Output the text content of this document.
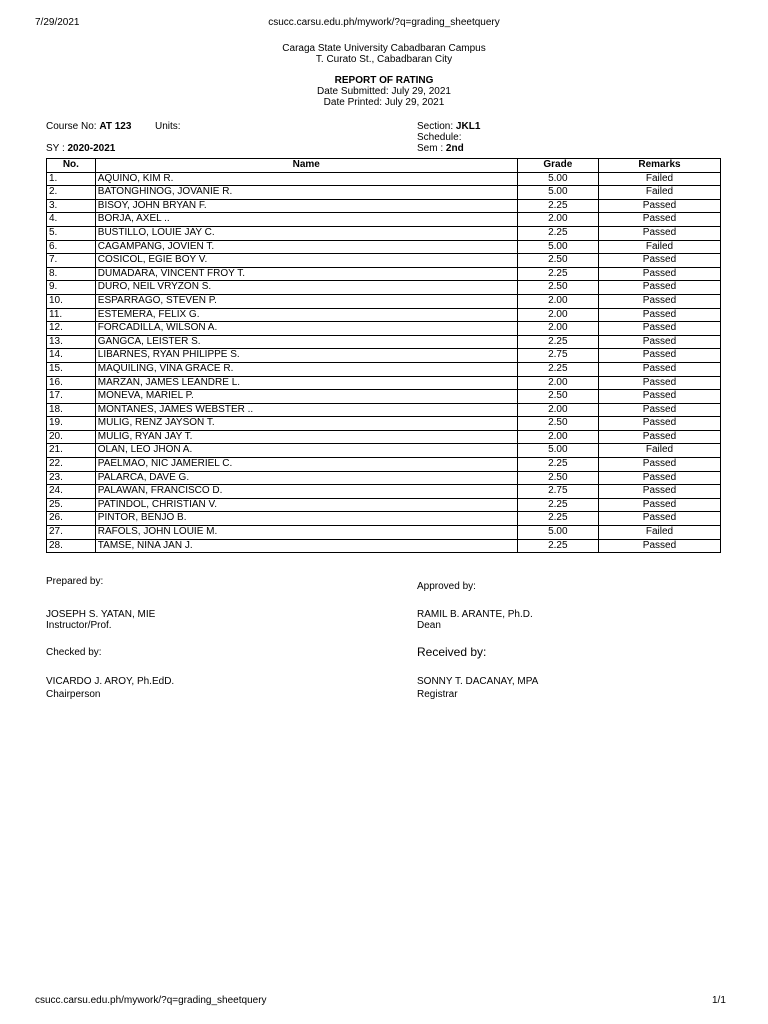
7/29/2021	csucc.carsu.edu.ph/mywork/?q=grading_sheetquery
Caraga State University Cabadbaran Campus
T. Curato St., Cabadbaran City
REPORT OF RATING
Date Submitted: July 29, 2021
Date Printed: July 29, 2021
Course No: AT 123 Units:
SY : 2020-2021
Section: JKL1
Schedule:
Sem : 2nd
No.	Name	Grade	Remarks
1.	AQUINO, KIM R.	5.00	Failed
2.	BATONGHINOG, JOVANIE R.	5.00	Failed
3.	BISOY, JOHN BRYAN F.	2.25	Passed
4.	BORJA, AXEL ..	2.00	Passed
5.	BUSTILLO, LOUIE JAY C.	2.25	Passed
6.	CAGAMPANG, JOVIEN T.	5.00	Failed
7.	COSICOL, EGIE BOY V.	2.50	Passed
8.	DUMADARA, VINCENT FROY T.	2.25	Passed
9.	DURO, NEIL VRYZON S.	2.50	Passed
10.	ESPARRAGO, STEVEN P.	2.00	Passed
11.	ESTEMERA, FELIX G.	2.00	Passed
12.	FORCADILLA, WILSON A.	2.00	Passed
13.	GANGCA, LEISTER S.	2.25	Passed
14.	LIBARNES, RYAN PHILIPPE S.	2.75	Passed
15.	MAQUILING, VINA GRACE R.	2.25	Passed
16.	MARZAN, JAMES LEANDRE L.	2.00	Passed
17.	MONEVA, MARIEL P.	2.50	Passed
18.	MONTAÑES, JAMES WEBSTER ..	2.00	Passed
19.	MULIG, RENZ JAYSON T.	2.50	Passed
20.	MULIG, RYAN JAY T.	2.00	Passed
21.	OLAN, LEO JHON A.	5.00	Failed
22.	PAELMAO, NIC JAMERIEL C.	2.25	Passed
23.	PALARCA, DAVE G.	2.50	Passed
24.	PALAWAN, FRANCISCO D.	2.75	Passed
25.	PATINDOL, CHRISTIAN V.	2.25	Passed
26.	PINTOR, BENJO B.	2.25	Passed
27.	RAFOLS, JOHN LOUIE M.	5.00	Failed
28.	TAMSE, NIÑA JAN J.	2.25	Passed
Prepared by:	Approved by:
JOSEPH S. YATAN, MIE
Instructor/Prof.
RAMIL B. ARANTE, Ph.D.
Dean
Checked by:	Received by:
VICARDO J. AROY, Ph.EdD.
Chairperson
SONNY T. DACANAY, MPA
Registrar
csucc.carsu.edu.ph/mywork/?q=grading_sheetquery	1/1
